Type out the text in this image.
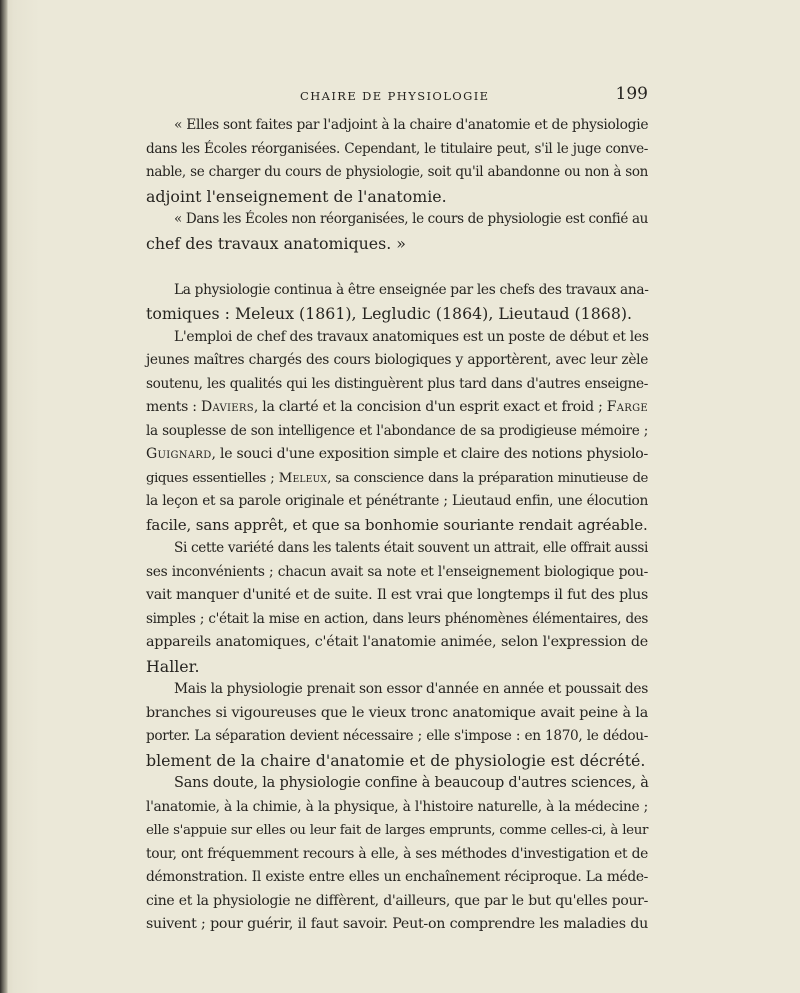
CHAIRE DE PHYSIOLOGIE	199
« Elles sont faites par l'adjoint à la chaire d'anatomie et de physiologie
dans les Écoles réorganisées. Cependant, le titulaire peut, s'il le juge conve-
nable, se charger du cours de physiologie, soit qu'il abandonne ou non à son
adjoint l'enseignement de l'anatomie.
« Dans les Écoles non réorganisées, le cours de physiologie est confié au
chef des travaux anatomiques. »
La physiologie continua à être enseignée par les chefs des travaux ana-
tomiques : Meleux (1861), Legludic (1864), Lieutaud (1868).
L'emploi de chef des travaux anatomiques est un poste de début et les
jeunes maîtres chargés des cours biologiques y apportèrent, avec leur zèle
soutenu, les qualités qui les distinguèrent plus tard dans d'autres enseigne-
ments : Daviers, la clarté et la concision d'un esprit exact et froid ; Farge
la souplesse de son intelligence et l'abondance de sa prodigieuse mémoire ;
Guignard, le souci d'une exposition simple et claire des notions physiolo-
giques essentielles ; Meleux, sa conscience dans la préparation minutieuse de
la leçon et sa parole originale et pénétrante ; Lieutaud enfin, une élocution
facile, sans apprêt, et que sa bonhomie souriante rendait agréable.
Si cette variété dans les talents était souvent un attrait, elle offrait aussi
ses inconvénients ; chacun avait sa note et l'enseignement biologique pou-
vait manquer d'unité et de suite. Il est vrai que longtemps il fut des plus
simples ; c'était la mise en action, dans leurs phénomènes élémentaires, des
appareils anatomiques, c'était l'anatomie animée, selon l'expression de
Haller.
Mais la physiologie prenait son essor d'année en année et poussait des
branches si vigoureuses que le vieux tronc anatomique avait peine à la
porter. La séparation devient nécessaire ; elle s'impose : en 1870, le dédou-
blement de la chaire d'anatomie et de physiologie est décrété.
Sans doute, la physiologie confine à beaucoup d'autres sciences, à
l'anatomie, à la chimie, à la physique, à l'histoire naturelle, à la médecine ;
elle s'appuie sur elles ou leur fait de larges emprunts, comme celles-ci, à leur
tour, ont fréquemment recours à elle, à ses méthodes d'investigation et de
démonstration. Il existe entre elles un enchaînement réciproque. La méde-
cine et la physiologie ne diffèrent, d'ailleurs, que par le but qu'elles pour-
suivent ; pour guérir, il faut savoir. Peut-on comprendre les maladies du
